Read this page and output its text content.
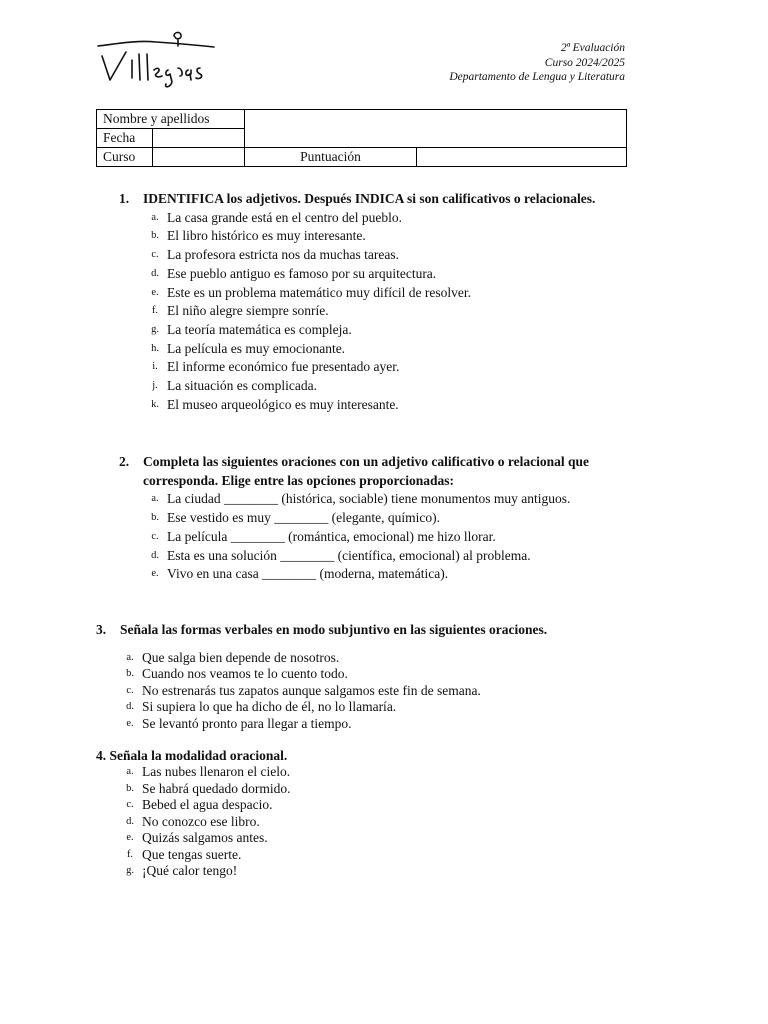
Villegas
2ª Evaluación
Curso 2024/2025
Departamento de Lengua y Literatura
Nombre y apellidos			
Fecha			
Curso		Puntuación	
1.	IDENTIFICA los adjetivos. Después INDICA si son calificativos o relacionales.
a. La casa grande está en el centro del pueblo.
b. El libro histórico es muy interesante.
c. La profesora estricta nos da muchas tareas.
d. Ese pueblo antiguo es famoso por su arquitectura.
e. Este es un problema matemático muy difícil de resolver.
f. El niño alegre siempre sonríe.
g. La teoría matemática es compleja.
h. La película es muy emocionante.
i. El informe económico fue presentado ayer.
j. La situación es complicada.
k. El museo arqueológico es muy interesante.
2.	Completa las siguientes oraciones con un adjetivo calificativo o relacional que corresponda. Elige entre las opciones proporcionadas:
a. La ciudad ________ (histórica, sociable) tiene monumentos muy antiguos.
b. Ese vestido es muy ________ (elegante, químico).
c. La película ________ (romántica, emocional) me hizo llorar.
d. Esta es una solución ________ (científica, emocional) al problema.
e. Vivo en una casa ________ (moderna, matemática).
3.	Señala las formas verbales en modo subjuntivo en las siguientes oraciones.
a. Que salga bien depende de nosotros.
b. Cuando nos veamos te lo cuento todo.
c. No estrenarás tus zapatos aunque salgamos este fin de semana.
d. Si supiera lo que ha dicho de él, no lo llamaría.
e. Se levantó pronto para llegar a tiempo.
4. Señala la modalidad oracional.
a. Las nubes llenaron el cielo.
b. Se habrá quedado dormido.
c. Bebed el agua despacio.
d. No conozco ese libro.
e. Quizás salgamos antes.
f. Que tengas suerte.
g. ¡Qué calor tengo!
